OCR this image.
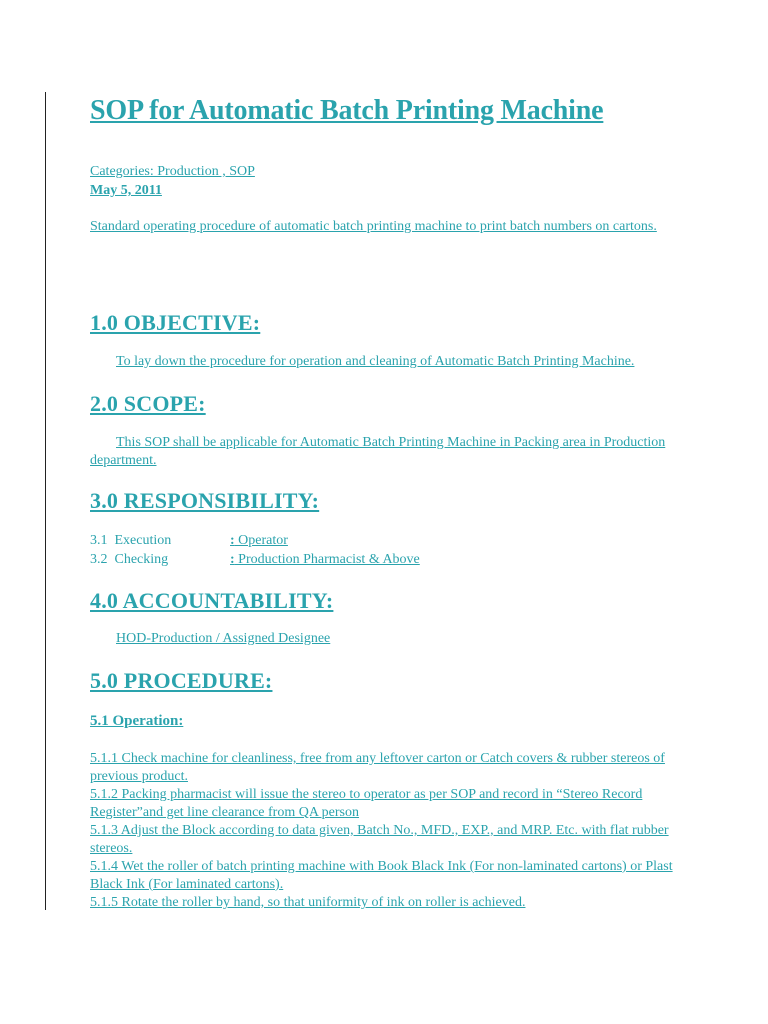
SOP for Automatic Batch Printing Machine
Categories: Production , SOP
May 5, 2011
Standard operating procedure of automatic batch printing machine to print batch numbers on cartons.
1.0 OBJECTIVE:
To lay down the procedure for operation and cleaning of Automatic Batch Printing Machine.
2.0 SCOPE:
This SOP shall be applicable for Automatic Batch Printing Machine in Packing area in Production department.
3.0 RESPONSIBILITY:
3.1  Execution	: Operator
3.2  Checking	: Production Pharmacist & Above
4.0 ACCOUNTABILITY:
HOD-Production / Assigned Designee
5.0 PROCEDURE:
5.1 Operation:
5.1.1 Check machine for cleanliness, free from any leftover carton or Catch covers & rubber stereos of previous product.
5.1.2 Packing pharmacist will issue the stereo to operator as per SOP and record in “Stereo Record Register”and get line clearance from QA person
5.1.3 Adjust the Block according to data given, Batch No., MFD., EXP., and MRP. Etc. with flat rubber stereos.
5.1.4 Wet the roller of batch printing machine with Book Black Ink (For non-laminated cartons) or Plast Black Ink (For laminated cartons).
5.1.5 Rotate the roller by hand, so that uniformity of ink on roller is achieved.
